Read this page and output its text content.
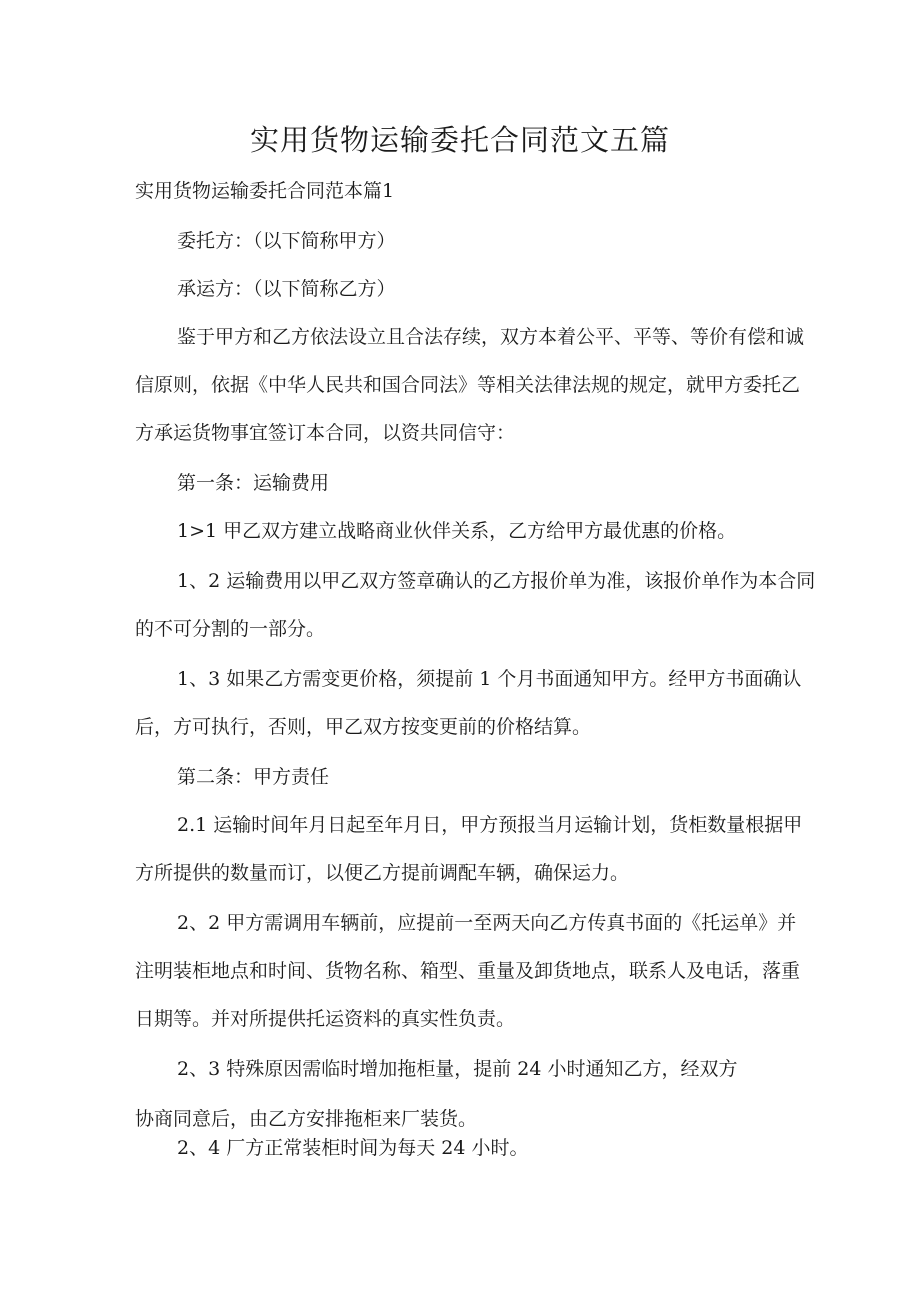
实用货物运输委托合同范文五篇
实用货物运输委托合同范本篇1
委托方：（以下简称甲方）
承运方：（以下简称乙方）
鉴于甲方和乙方依法设立且合法存续，双方本着公平、平等、等价有偿和诚
信原则，依据《中华人民共和国合同法》等相关法律法规的规定，就甲方委托乙
方承运货物事宜签订本合同，以资共同信守：
第一条：运输费用
1>1 甲乙双方建立战略商业伙伴关系，乙方给甲方最优惠的价格。
1、2 运输费用以甲乙双方签章确认的乙方报价单为准，该报价单作为本合同
的不可分割的一部分。
1、3 如果乙方需变更价格，须提前 1 个月书面通知甲方。经甲方书面确认
后，方可执行，否则，甲乙双方按变更前的价格结算。
第二条：甲方责任
2.1 运输时间年月日起至年月日，甲方预报当月运输计划，货柜数量根据甲
方所提供的数量而订，以便乙方提前调配车辆，确保运力。
2、2 甲方需调用车辆前，应提前一至两天向乙方传真书面的《托运单》并
注明装柜地点和时间、货物名称、箱型、重量及卸货地点，联系人及电话，落重
日期等。并对所提供托运资料的真实性负责。
2、3 特殊原因需临时增加拖柜量，提前 24 小时通知乙方，经双方
协商同意后，由乙方安排拖柜来厂装货。
2、4 厂方正常装柜时间为每天 24 小时。
